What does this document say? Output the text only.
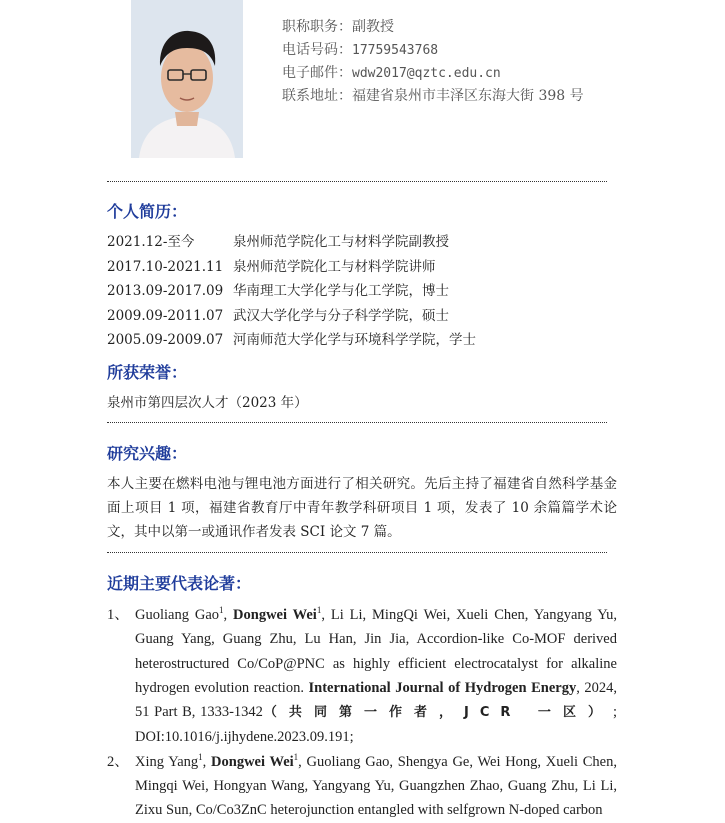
职称职务：副教授
电话号码：17759543768
电子邮件：wdw2017@qztc.edu.cn
联系地址：福建省泉州市丰泽区东海大街 398 号
个人简历：
2021.12-至今	泉州师范学院化工与材料学院副教授
2017.10-2021.11 泉州师范学院化工与材料学院讲师
2013.09-2017.09 华南理工大学化学与化工学院，博士
2009.09-2011.07 武汉大学化学与分子科学学院，硕士
2005.09-2009.07 河南师范大学化学与环境科学学院，学士
所获荣誉：
泉州市第四层次人才（2023 年）
研究兴趣：
本人主要在燃料电池与锂电池方面进行了相关研究。先后主持了福建省自然科学基金面上项目 1 项，福建省教育厅中青年教学科研项目 1 项，发表了 10 余篇篇学术论文，其中以第一或通讯作者发表 SCI 论文 7 篇。
近期主要代表论著：
1、 Guoliang Gao$^1$, Dongwei Wei$^1$, Li Li, MingQi Wei, Xueli Chen, Yangyang Yu, Guang Yang, Guang Zhu, Lu Han, Jin Jia, Accordion-like Co-MOF derived heterostructured Co/CoP@PNC as highly efficient electrocatalyst for alkaline hydrogen evolution reaction. International Journal of Hydrogen Energy, 2024, 51 Part B, 1333-1342（共同第一作者，JCR 一区）; DOI:10.1016/j.ijhydene.2023.09.191;
2、 Xing Yang$^1$, Dongwei Wei$^1$, Guoliang Gao, Shengya Ge, Wei Hong, Xueli Chen, Mingqi Wei, Hongyan Wang, Yangyang Yu, Guangzhen Zhao, Guang Zhu, Li Li, Zixu Sun, Co/Co3ZnC heterojunction entangled with selfgrown N-doped carbon
